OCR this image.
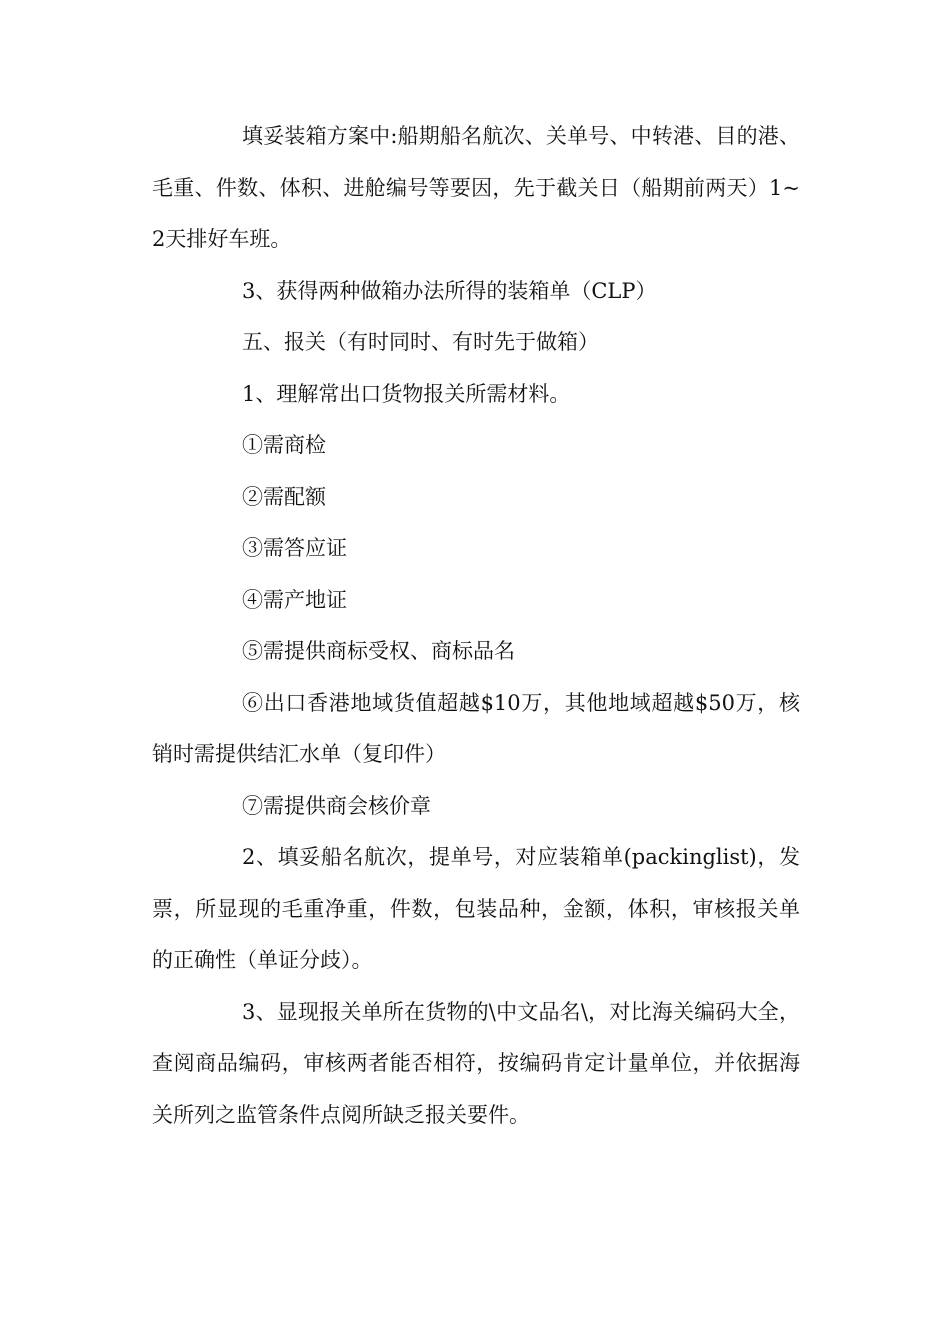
填妥装箱方案中:船期船名航次、关单号、中转港、目的港、毛重、件数、体积、进舱编号等要因，先于截关日（船期前两天）1~2天排好车班。

3、获得两种做箱办法所得的装箱单（CLP）

五、报关（有时同时、有时先于做箱）

1、理解常出口货物报关所需材料。

①需商检

②需配额

③需答应证

④需产地证

⑤需提供商标受权、商标品名

⑥出口香港地域货值超越$10万，其他地域超越$50万，核销时需提供结汇水单（复印件）

⑦需提供商会核价章

2、填妥船名航次，提单号，对应装箱单(packinglist)，发票，所显现的毛重净重，件数，包装品种，金额，体积，审核报关单的正确性（单证分歧）。

3、显现报关单所在货物的\中文品名\，对比海关编码大全，查阅商品编码，审核两者能否相符，按编码肯定计量单位，并依据海关所列之监管条件点阅所缺乏报关要件。
